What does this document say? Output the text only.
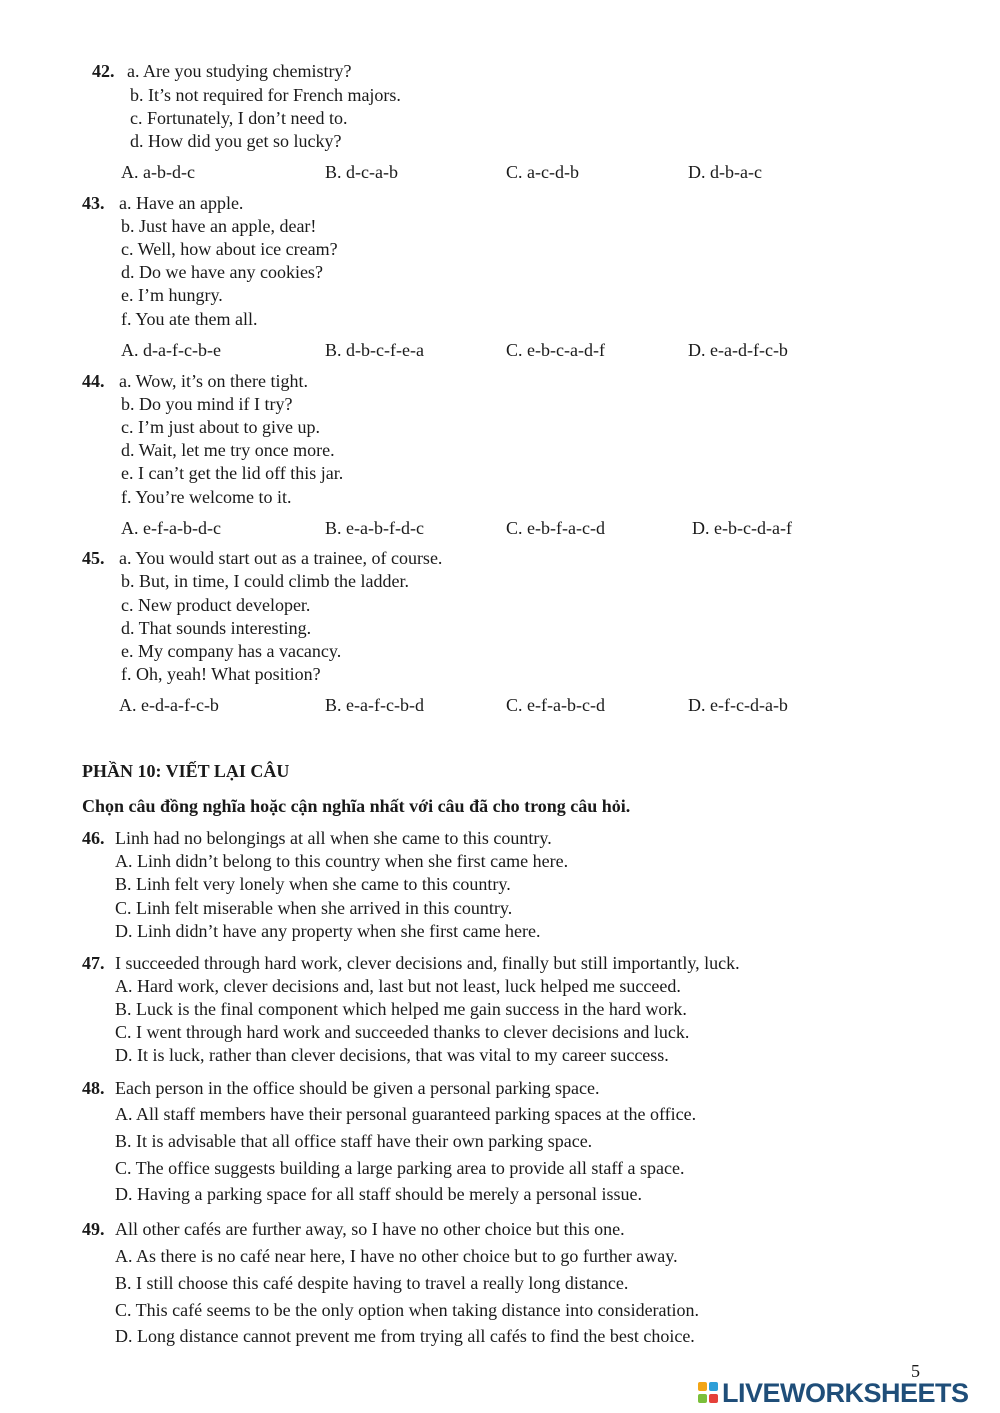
42. a. Are you studying chemistry?
b. It’s not required for French majors.
c. Fortunately, I don’t need to.
d. How did you get so lucky?
A. a-b-d-c	B. d-c-a-b	C. a-c-d-b	D. d-b-a-c
43. a. Have an apple.
b. Just have an apple, dear!
c. Well, how about ice cream?
d. Do we have any cookies?
e. I’m hungry.
f. You ate them all.
A. d-a-f-c-b-e	B. d-b-c-f-e-a	C. e-b-c-a-d-f	D. e-a-d-f-c-b
44. a. Wow, it’s on there tight.
b. Do you mind if I try?
c. I’m just about to give up.
d. Wait, let me try once more.
e. I can’t get the lid off this jar.
f. You’re welcome to it.
A. e-f-a-b-d-c	B. e-a-b-f-d-c	C. e-b-f-a-c-d	D. e-b-c-d-a-f
45. a. You would start out as a trainee, of course.
b. But, in time, I could climb the ladder.
c. New product developer.
d. That sounds interesting.
e. My company has a vacancy.
f. Oh, yeah! What position?
A. e-d-a-f-c-b	B. e-a-f-c-b-d	C. e-f-a-b-c-d	D. e-f-c-d-a-b
PHẦN 10: VIẾT LẠI CÂU
Chọn câu đồng nghĩa hoặc cận nghĩa nhất với câu đã cho trong câu hỏi.
46. Linh had no belongings at all when she came to this country.
A. Linh didn’t belong to this country when she first came here.
B. Linh felt very lonely when she came to this country.
C. Linh felt miserable when she arrived in this country.
D. Linh didn’t have any property when she first came here.
47. I succeeded through hard work, clever decisions and, finally but still importantly, luck.
A. Hard work, clever decisions and, last but not least, luck helped me succeed.
B. Luck is the final component which helped me gain success in the hard work.
C. I went through hard work and succeeded thanks to clever decisions and luck.
D. It is luck, rather than clever decisions, that was vital to my career success.
48. Each person in the office should be given a personal parking space.
A. All staff members have their personal guaranteed parking spaces at the office.
B. It is advisable that all office staff have their own parking space.
C. The office suggests building a large parking area to provide all staff a space.
D. Having a parking space for all staff should be merely a personal issue.
49. All other cafés are further away, so I have no other choice but this one.
A. As there is no café near here, I have no other choice but to go further away.
B. I still choose this café despite having to travel a really long distance.
C. This café seems to be the only option when taking distance into consideration.
D. Long distance cannot prevent me from trying all cafés to find the best choice.
5
LIVEWORKSHEETS
